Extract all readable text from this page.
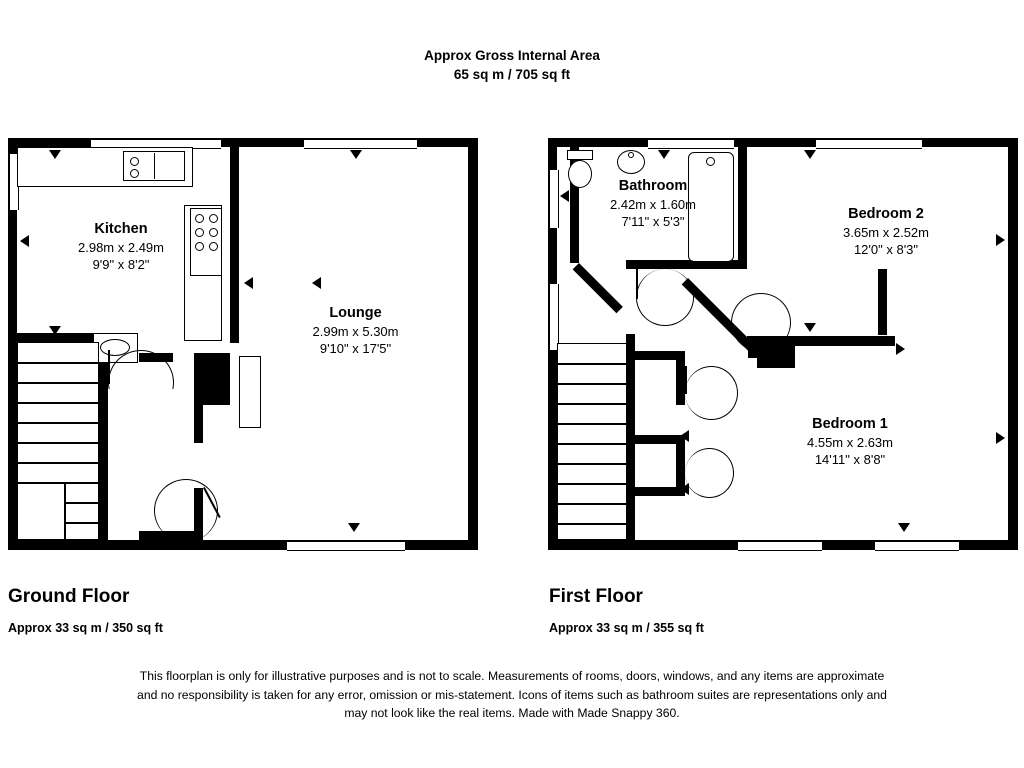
Approx Gross Internal Area
65 sq m / 705 sq ft
Kitchen
2.98m x 2.49m
9'9" x 8'2"
Lounge
2.99m x 5.30m
9'10" x 17'5"
Bathroom
2.42m x 1.60m
7'11" x 5'3"	Bedroom 2
3.65m x 2.52m
12'0" x 8'3"
Bedroom 1
4.55m x 2.63m
14'11" x 8'8"
Ground Floor
Approx 33 sq m / 350 sq ft
First Floor
Approx 33 sq m / 355 sq ft
This floorplan is only for illustrative purposes and is not to scale. Measurements of rooms, doors, windows, and any items are approximate
and no responsibility is taken for any error, omission or mis-statement. Icons of items such as bathroom suites are representations only and
may not look like the real items. Made with Made Snappy 360.
